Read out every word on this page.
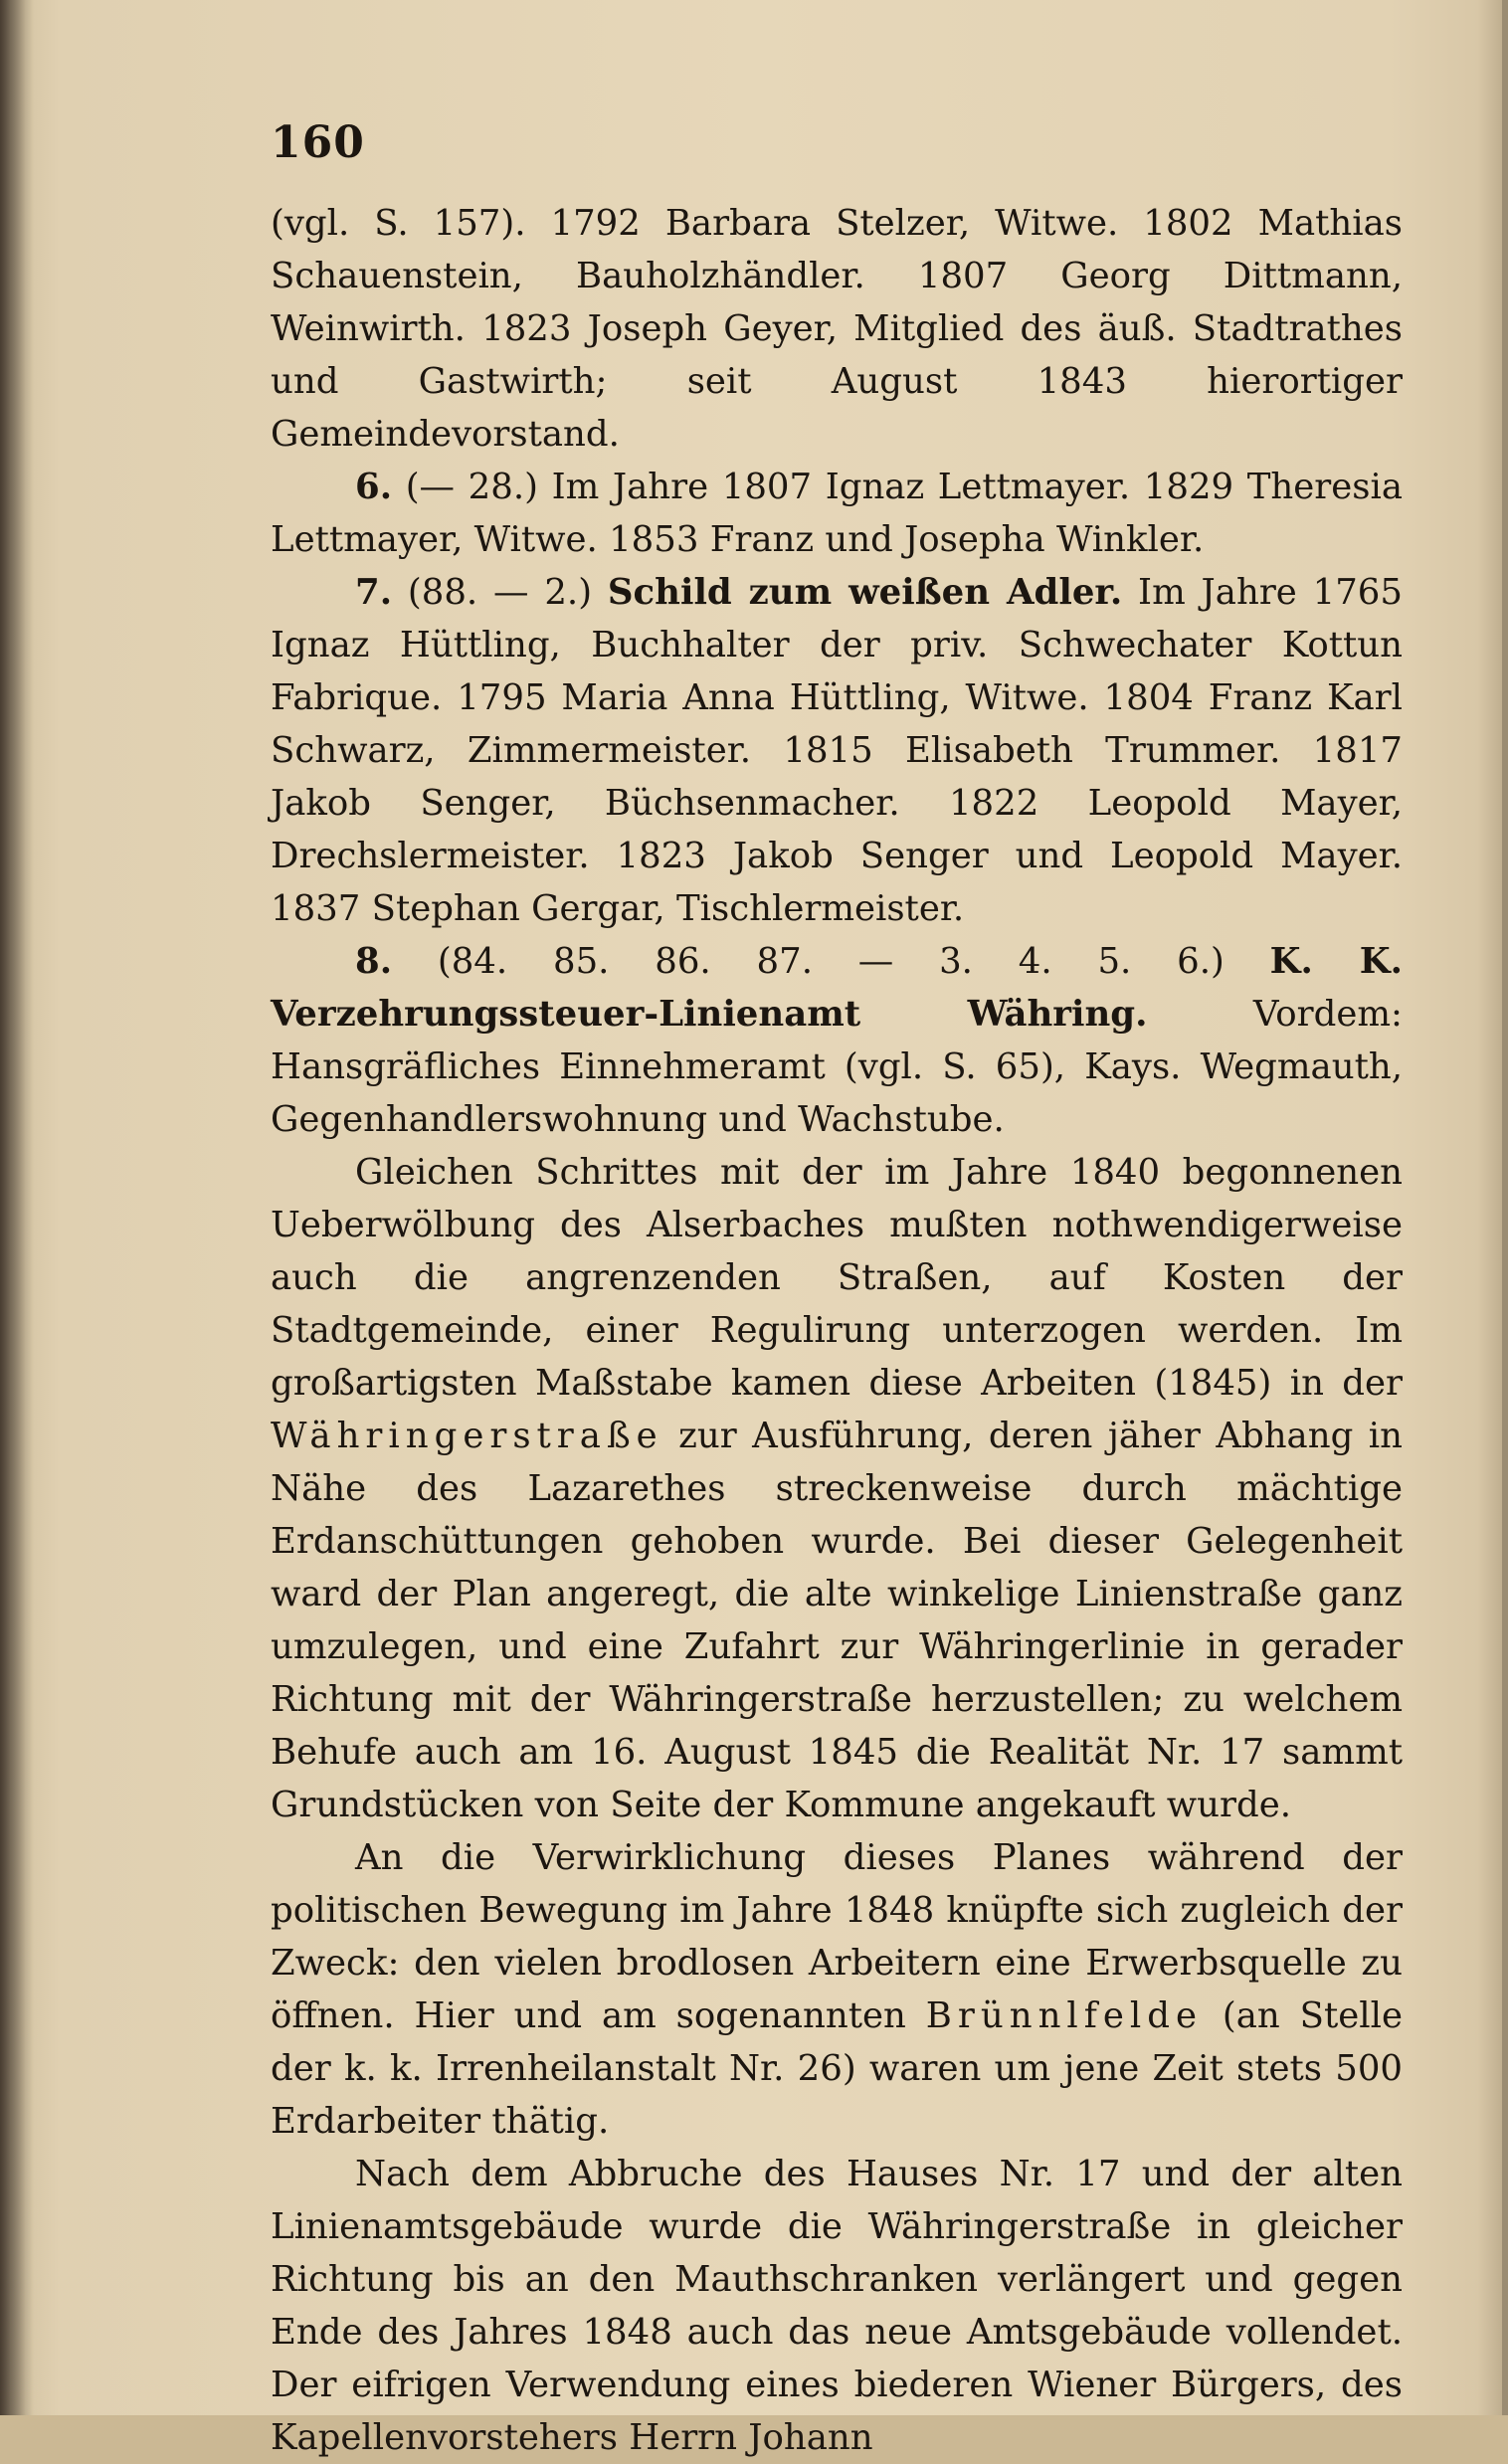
160

(vgl. S. 157). 1792 Barbara Stelzer, Witwe. 1802 Mathias Schauenstein, Bauholzhändler. 1807 Georg Dittmann, Weinwirth. 1823 Joseph Geyer, Mitglied des äuß. Stadtrathes und Gastwirth; seit August 1843 hierortiger Gemeindevorstand.

6. (— 28.) Im Jahre 1807 Ignaz Lettmayer. 1829 Theresia Lettmayer, Witwe. 1853 Franz und Josepha Winkler.

7. (88. — 2.) Schild zum weißen Adler. Im Jahre 1765 Ignaz Hüttling, Buchhalter der priv. Schwechater Kottun Fabrique. 1795 Maria Anna Hüttling, Witwe. 1804 Franz Karl Schwarz, Zimmermeister. 1815 Elisabeth Trummer. 1817 Jakob Senger, Büchsenmacher. 1822 Leopold Mayer, Drechslermeister. 1823 Jakob Senger und Leopold Mayer. 1837 Stephan Gergar, Tischlermeister.

8. (84. 85. 86. 87. — 3. 4. 5. 6.) K. K. Verzehrungssteuer-Linienamt Währing.	Vordem: Hansgräfliches Einnehmeramt (vgl. S. 65), Kays. Wegmauth, Gegenhandlerswohnung und Wachstube.

Gleichen Schrittes mit der im Jahre 1840 begonnenen Ueberwölbung des Alserbaches mußten nothwendigerweise auch die angrenzenden Straßen, auf Kosten der Stadtgemeinde, einer Regulirung unterzogen werden. Im großartigsten Maßstabe kamen diese Arbeiten (1845) in der Währingerstraße zur Ausführung, deren jäher Abhang in Nähe des Lazarethes streckenweise durch mächtige Erdanschüttungen gehoben wurde. Bei dieser Gelegenheit ward der Plan angeregt, die alte winkelige Linienstraße ganz umzulegen, und eine Zufahrt zur Währingerlinie in gerader Richtung mit der Währingerstraße herzustellen; zu welchem Behufe auch am 16. August 1845 die Realität Nr. 17 sammt Grundstücken von Seite der Kommune angekauft wurde.

An die Verwirklichung dieses Planes während der politischen Bewegung im Jahre 1848 knüpfte sich zugleich der Zweck: den vielen brodlosen Arbeitern eine Erwerbsquelle zu öffnen. Hier und am sogenannten Brünnlfelde (an Stelle der k. k. Irrenheilanstalt Nr. 26) waren um jene Zeit stets 500 Erdarbeiter thätig.

Nach dem Abbruche des Hauses Nr. 17 und der alten Linienamtsgebäude wurde die Währingerstraße in gleicher Richtung bis an den Mauthschranken verlängert und gegen Ende des Jahres 1848 auch das neue Amtsgebäude vollendet. Der eifrigen Verwendung eines biederen Wiener Bürgers, des Kapellenvorstehers Herrn Johann
